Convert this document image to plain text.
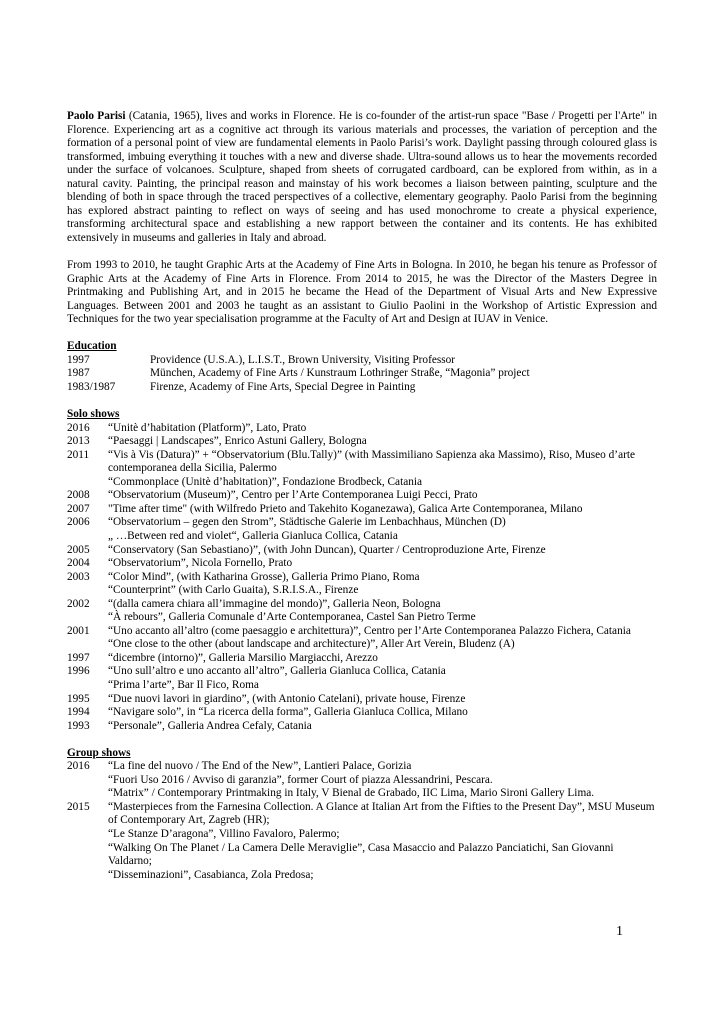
Paolo Parisi (Catania, 1965), lives and works in Florence. He is co-founder of the artist-run space "Base / Progetti per l'Arte" in Florence. Experiencing art as a cognitive act through its various materials and processes, the variation of perception and the formation of a personal point of view are fundamental elements in Paolo Parisi’s work. Daylight passing through coloured glass is transformed, imbuing everything it touches with a new and diverse shade. Ultra-sound allows us to hear the movements recorded under the surface of volcanoes. Sculpture, shaped from sheets of corrugated cardboard, can be explored from within, as in a natural cavity. Painting, the principal reason and mainstay of his work becomes a liaison between painting, sculpture and the blending of both in space through the traced perspectives of a collective, elementary geography. Paolo Parisi from the beginning has explored abstract painting to reflect on ways of seeing and has used monochrome to create a physical experience, transforming architectural space and establishing a new rapport between the container and its contents. He has exhibited extensively in museums and galleries in Italy and abroad.

From 1993 to 2010, he taught Graphic Arts at the Academy of Fine Arts in Bologna. In 2010, he began his tenure as Professor of Graphic Arts at the Academy of Fine Arts in Florence. From 2014 to 2015, he was the Director of the Masters Degree in Printmaking and Publishing Art, and in 2015 he became the Head of the Department of Visual Arts and New Expressive Languages. Between 2001 and 2003 he taught as an assistant to Giulio Paolini in the Workshop of Artistic Expression and Techniques for the two year specialisation programme at the Faculty of Art and Design at IUAV in Venice.

Education
1997	Providence (U.S.A.), L.I.S.T., Brown University, Visiting Professor
1987	München, Academy of Fine Arts / Kunstraum Lothringer Straße, “Magonia” project
1983/1987	Firenze, Academy of Fine Arts, Special Degree in Painting
Solo shows
2016	“Unitè d’habitation (Platform)”, Lato, Prato
2013	“Paesaggi | Landscapes”, Enrico Astuni Gallery, Bologna
2011	“Vis à Vis (Datura)” + “Observatorium (Blu.Tally)” (with Massimiliano Sapienza aka Massimo), Riso, Museo d’arte contemporanea della Sicilia, Palermo
“Commonplace (Unitè d’habitation)”, Fondazione Brodbeck, Catania
2008	“Observatorium (Museum)”, Centro per l’Arte Contemporanea Luigi Pecci, Prato
2007	"Time after time" (with Wilfredo Prieto and Takehito Koganezawa), Galica Arte Contemporanea, Milano
2006	“Observatorium – gegen den Strom”, Städtische Galerie im Lenbachhaus, München (D)
„ …Between red and violet“, Galleria Gianluca Collica, Catania
2005	“Conservatory (San Sebastiano)”, (with John Duncan), Quarter / Centroproduzione Arte, Firenze
2004	“Observatorium”, Nicola Fornello, Prato
2003	“Color Mind”, (with Katharina Grosse), Galleria Primo Piano, Roma
“Counterprint” (with Carlo Guaita), S.R.I.S.A., Firenze
2002	“(dalla camera chiara all’immagine del mondo)”, Galleria Neon, Bologna
“À rebours”, Galleria Comunale d’Arte Contemporanea, Castel San Pietro Terme
2001	“Uno accanto all’altro (come paesaggio e architettura)”, Centro per l’Arte Contemporanea Palazzo Fichera, Catania
“One close to the other (about landscape and architecture)”, Aller Art Verein, Bludenz (A)
1997	“dicembre (intorno)”, Galleria Marsilio Margiacchi, Arezzo
1996	“Uno sull’altro e uno accanto all’altro”, Galleria Gianluca Collica, Catania
“Prima l’arte”, Bar Il Fico, Roma
1995	“Due nuovi lavori in giardino”, (with Antonio Catelani), private house, Firenze
1994	“Navigare solo”, in “La ricerca della forma”, Galleria Gianluca Collica, Milano
1993	“Personale”, Galleria Andrea Cefaly, Catania
Group shows
2016	“La fine del nuovo / The End of the New”, Lantieri Palace, Gorizia
“Fuori Uso 2016 / Avviso di garanzia”, former Court of piazza Alessandrini, Pescara.
“Matrix” / Contemporary Printmaking in Italy, V Bienal de Grabado, IIC Lima, Mario Sironi Gallery Lima.
2015	“Masterpieces from the Farnesina Collection. A Glance at Italian Art from the Fifties to the Present Day”, MSU Museum of Contemporary Art, Zagreb (HR);
“Le Stanze D’aragona”, Villino Favaloro, Palermo;
“Walking On The Planet / La Camera Delle Meraviglie”, Casa Masaccio and Palazzo Panciatichi, San Giovanni Valdarno;
“Disseminazioni”, Casabianca, Zola Predosa;
1
